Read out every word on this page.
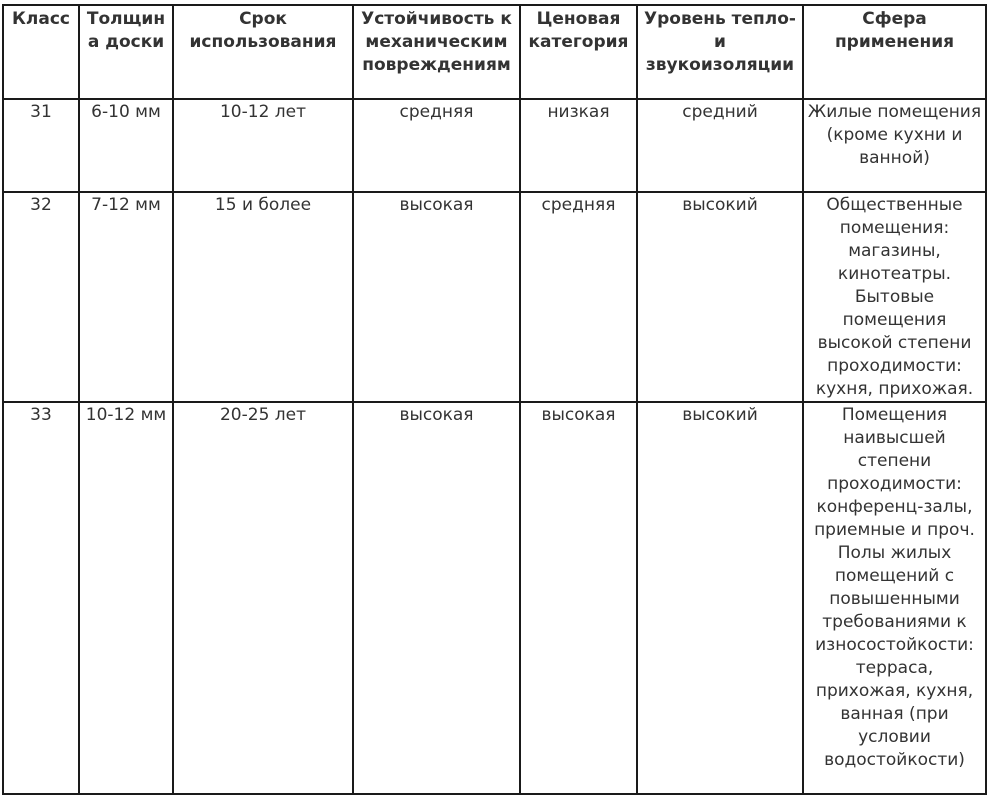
Класс	Толщина доски	Срок использования	Устойчивость к механическим повреждениям	Ценовая категория	Уровень тепло- и звукоизоляции	Сфера применения
31	6-10 мм	10-12 лет	средняя	низкая	средний	Жилые помещения (кроме кухни и ванной)
32	7-12 мм	15 и более	высокая	средняя	высокий	Общественные помещения: магазины, кинотеатры. Бытовые помещения высокой степени проходимости: кухня, прихожая.
33	10-12 мм	20-25 лет	высокая	высокая	высокий	Помещения наивысшей степени проходимости: конференц-залы, приемные и проч. Полы жилых помещений с повышенными требованиями к износостойкости: терраса, прихожая, кухня, ванная (при условии водостойкости)
